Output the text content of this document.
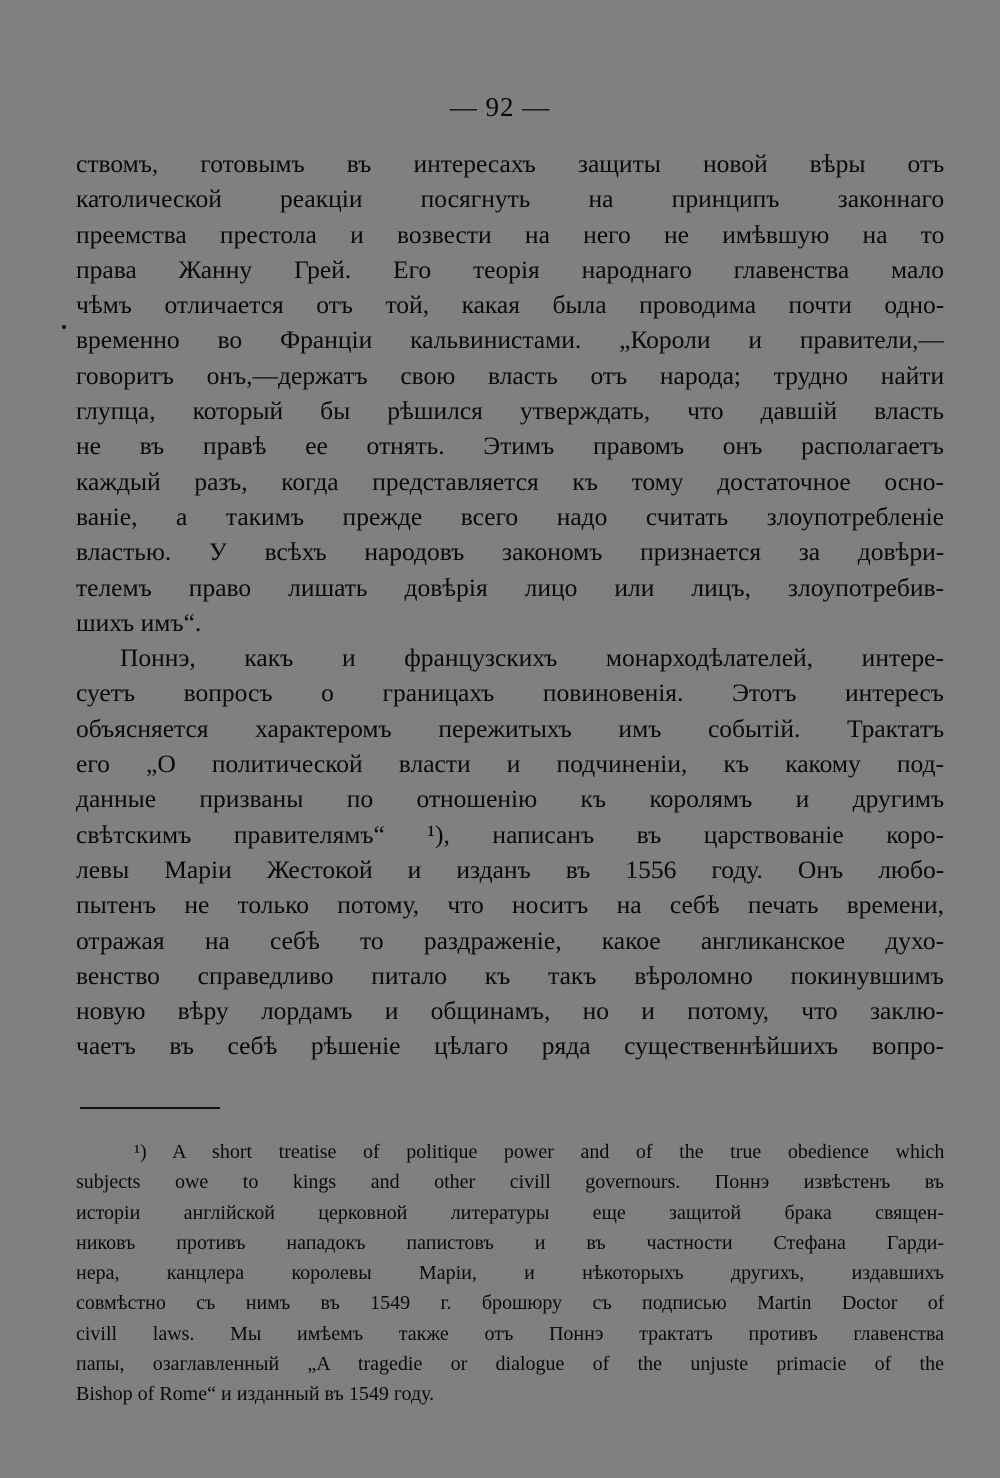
— 92 —
ствомъ, готовымъ въ интересахъ защиты новой вѣры отъ
католической реакціи посягнуть на принципъ законнаго
преемства престола и возвести на него не имѣвшую на то
права Жанну Грей. Его теорія народнаго главенства мало
чѣмъ отличается отъ той, какая была проводима почти одно-
временно во Франціи кальвинистами. „Короли и правители,—
говоритъ онъ,—держатъ свою власть отъ народа; трудно найти
глупца, который бы рѣшился утверждать, что давшій власть
не въ правѣ ее отнять. Этимъ правомъ онъ располагаетъ
каждый разъ, когда представляется къ тому достаточное осно-
ваніе, а такимъ прежде всего надо считать злоупотребленіе
властью. У всѣхъ народовъ закономъ признается за довѣри-
телемъ право лишать довѣрія лицо или лицъ, злоупотребив-
шихъ имъ“.
Поннэ, какъ и французскихъ монарходѣлателей, интере-
суетъ вопросъ о границахъ повиновенія. Этотъ интересъ
объясняется характеромъ пережитыхъ имъ событій. Трактатъ
его „О политической власти и подчиненіи, къ какому под-
данные призваны по отношенію къ королямъ и другимъ
свѣтскимъ правителямъ“ ¹), написанъ въ царствованіе коро-
левы Маріи Жестокой и изданъ въ 1556 году. Онъ любо-
пытенъ не только потому, что носитъ на себѣ печать времени,
отражая на себѣ то раздраженіе, какое англиканское духо-
венство справедливо питало къ такъ вѣроломно покинувшимъ
новую вѣру лордамъ и общинамъ, но и потому, что заклю-
чаетъ въ себѣ рѣшеніе цѣлаго ряда существеннѣйшихъ вопро-
¹) A short treatise of politique power and of the true obedience which
subjects owe to kings and other civill governours. Поннэ извѣстенъ въ
исторіи англійской церковной литературы еще защитой брака священ-
никовъ противъ нападокъ папистовъ и въ частности Стефана Гарди-
нера, канцлера королевы Маріи, и нѣкоторыхъ другихъ, издавшихъ
совмѣстно съ нимъ въ 1549 г. брошюру съ подписью Martin Doctor of
civill laws. Мы имѣемъ также отъ Поннэ трактатъ противъ главенства
папы, озаглавленный „A tragedie or dialogue of the unjuste primacie of the
Bishop of Rome“ и изданный въ 1549 году.
